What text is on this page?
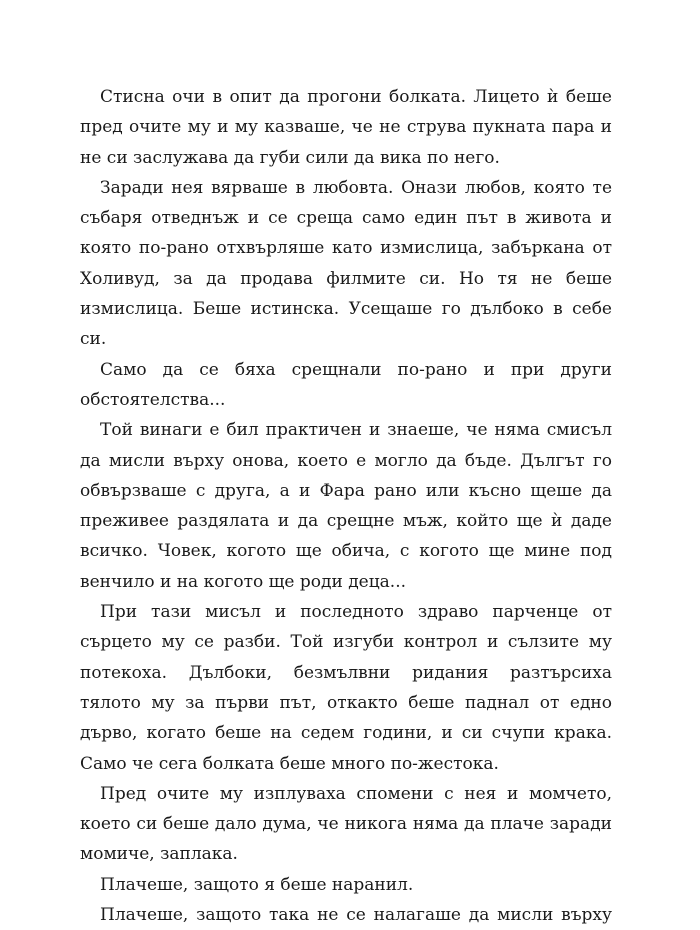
Стисна очи в опит да прогони болката. Лицето ѝ беше пред очите му и му казваше, че не струва пукната пара и не си заслужава да губи сили да вика по него.

Заради нея вярваше в любовта. Онази любов, която те събаря отведнъж и се среща само един път в живота и която по-рано отхвърляше като измислица, забъркана от Холивуд, за да продава филмите си. Но тя не беше измислица. Беше истинска. Усещаше го дълбоко в себе си.

Само да се бяха срещнали по-рано и при други обстоятелства...

Той винаги е бил практичен и знаеше, че няма смисъл да мисли върху онова, което е могло да бъде. Дългът го обвързваше с друга, а и Фара рано или късно щеше да преживее раздялата и да срещне мъж, който ще ѝ даде всичко. Човек, когото ще обича, с когото ще мине под венчило и на когото ще роди деца...

При тази мисъл и последното здраво парченце от сърцето му се разби. Той изгуби контрол и сълзите му потекоха. Дълбоки, безмълвни ридания разтърсиха тялото му за първи път, откакто беше паднал от едно дърво, когато беше на седем години, и си счупи крака. Само че сега болката беше много по-жестока.

Пред очите му изплуваха спомени с нея и момчето, което си беше дало дума, че никога няма да плаче заради момиче, заплака.

Плачеше, защото я беше наранил.

Плачеше, защото така не се налагаше да мисли върху
